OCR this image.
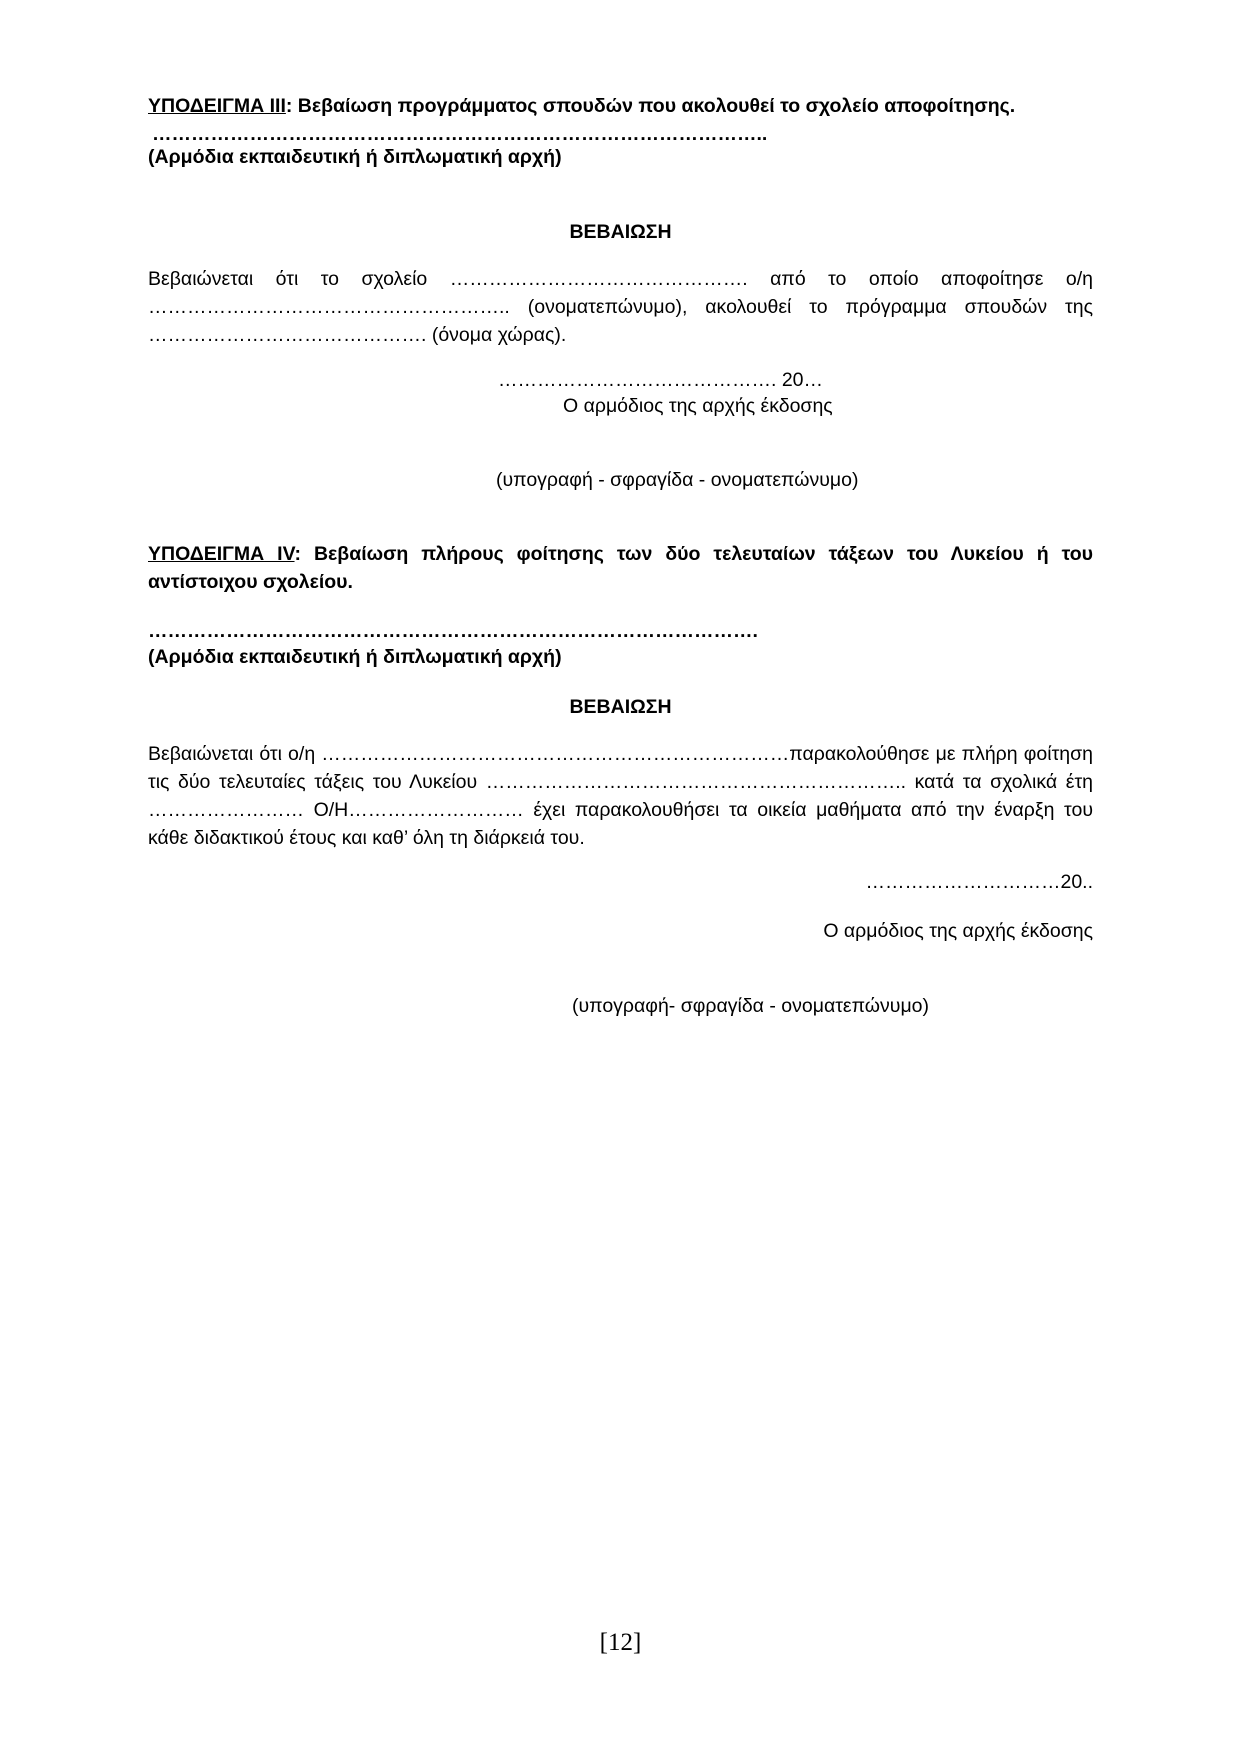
ΥΠΟΔΕΙΓΜΑ ΙΙΙ: Βεβαίωση προγράμματος σπουδών που ακολουθεί το σχολείο αποφοίτησης.
…………………………………………………………………………………..
(Αρμόδια εκπαιδευτική ή διπλωματική αρχή)
ΒΕΒΑΙΩΣΗ
Βεβαιώνεται ότι το σχολείο ………………………………………. από το οποίο αποφοίτησε ο/η
……………………………………………….. (ονοματεπώνυμο), ακολουθεί το πρόγραμμα σπουδών της
……………………………………. (όνομα χώρας).
……………………………………. 20…
Ο αρμόδιος της αρχής έκδοσης
(υπογραφή - σφραγίδα - ονοματεπώνυμο)
ΥΠΟΔΕΙΓΜΑ ΙV: Βεβαίωση πλήρους φοίτησης των δύο τελευταίων τάξεων του Λυκείου ή του
αντίστοιχου σχολείου.
………………………………………………………………………………….
(Αρμόδια εκπαιδευτική ή διπλωματική αρχή)
ΒΕΒΑΙΩΣΗ
Βεβαιώνεται ότι ο/η ………………………………………………………………παρακολούθησε με πλήρη φοίτηση
τις δύο τελευταίες τάξεις του Λυκείου ……………………………………………………….. κατά τα σχολικά έτη
…………………… Ο/Η……………………… έχει παρακολουθήσει τα οικεία μαθήματα από την έναρξη του
κάθε διδακτικού έτους και καθ’ όλη τη διάρκειά του.
…………………………20..
Ο αρμόδιος της αρχής έκδοσης
(υπογραφή- σφραγίδα - ονοματεπώνυμο)
[12]
